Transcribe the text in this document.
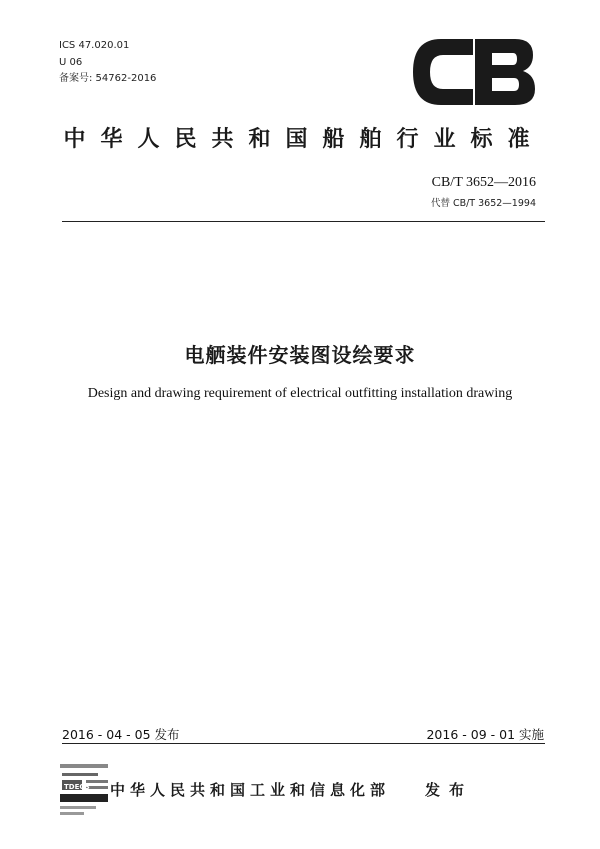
ICS 47.020.01
U 06
备案号: 54762-2016
中华人民共和国船舶行业标准
CB/T 3652—2016
代替 CB/T 3652—1994
电舾装件安装图设绘要求
Design and drawing requirement of electrical outfitting installation drawing
2016 - 04 - 05 发布	2016 - 09 - 01 实施
TDECS 中华人民共和国工业和信息化部 发布
